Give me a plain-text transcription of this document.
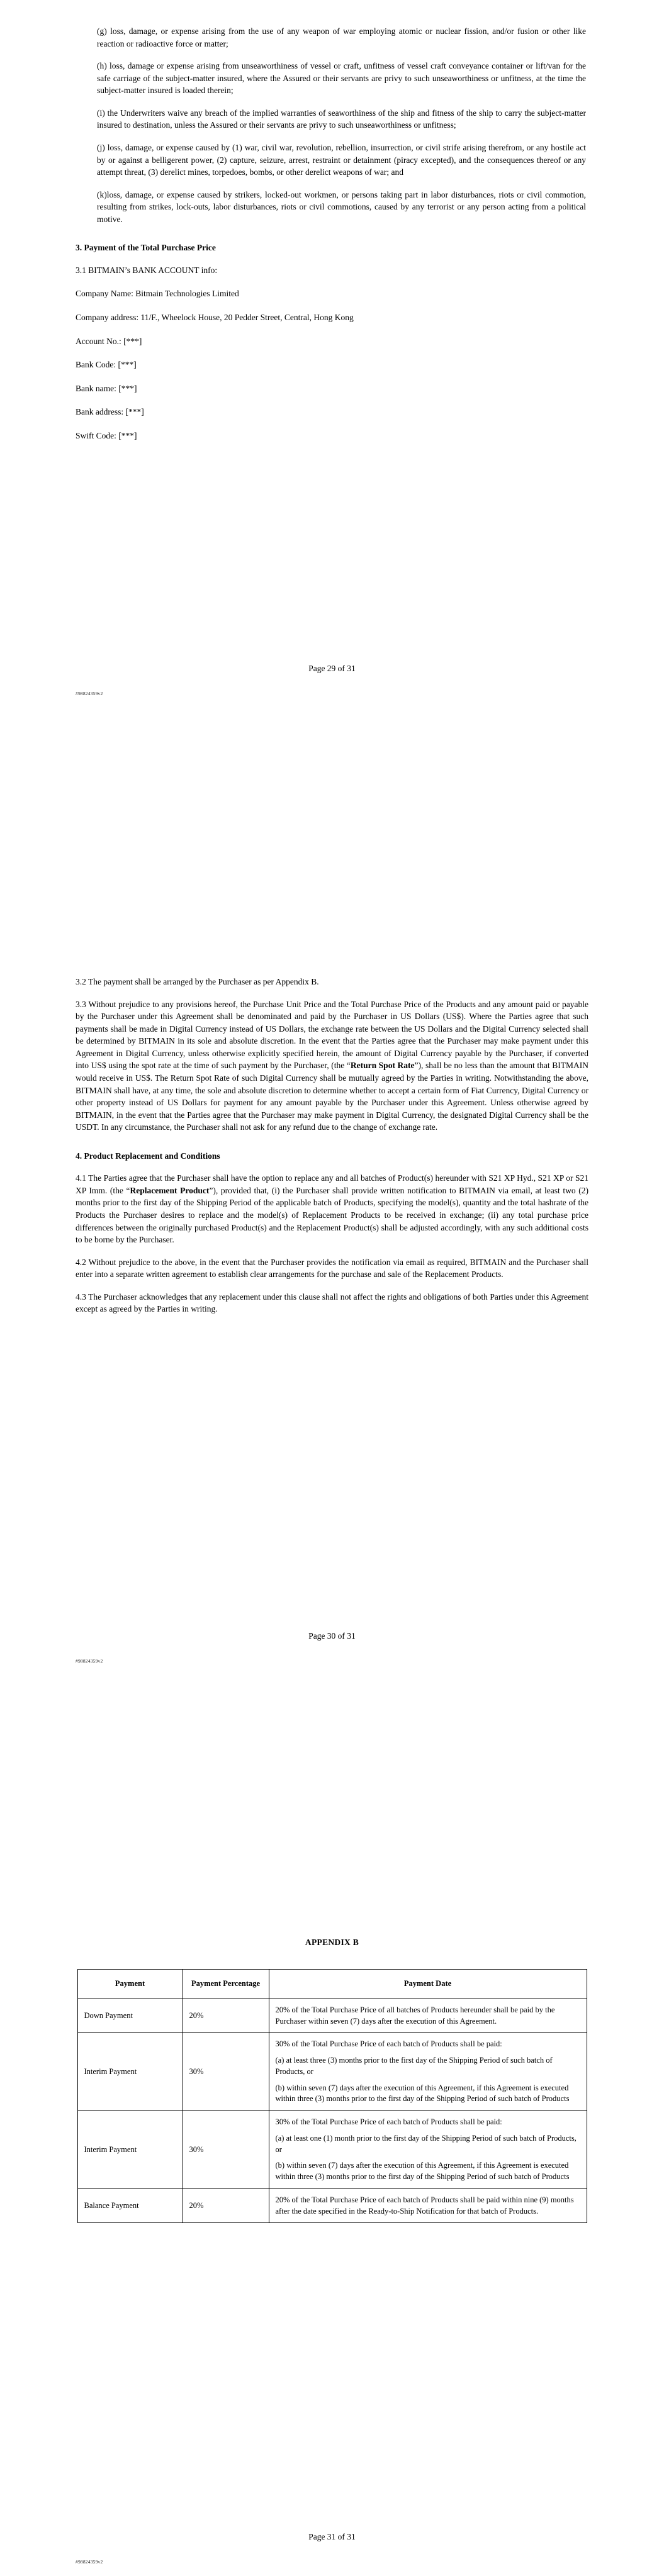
(g) loss, damage, or expense arising from the use of any weapon of war employing atomic or nuclear fission, and/or fusion or other like reaction or radioactive force or matter;

(h) loss, damage or expense arising from unseaworthiness of vessel or craft, unfitness of vessel craft conveyance container or lift/van for the safe carriage of the subject-matter insured, where the Assured or their servants are privy to such unseaworthiness or unfitness, at the time the subject-matter insured is loaded therein;

(i) the Underwriters waive any breach of the implied warranties of seaworthiness of the ship and fitness of the ship to carry the subject-matter insured to destination, unless the Assured or their servants are privy to such unseaworthiness or unfitness;

(j) loss, damage, or expense caused by (1) war, civil war, revolution, rebellion, insurrection, or civil strife arising therefrom, or any hostile act by or against a belligerent power, (2) capture, seizure, arrest, restraint or detainment (piracy excepted), and the consequences thereof or any attempt threat, (3) derelict mines, torpedoes, bombs, or other derelict weapons of war; and

(k)loss, damage, or expense caused by strikers, locked-out workmen, or persons taking part in labor disturbances, riots or civil commotion, resulting from strikes, lock-outs, labor disturbances, riots or civil commotions, caused by any terrorist or any person acting from a political motive.

3. Payment of the Total Purchase Price

3.1 BITMAIN’s BANK ACCOUNT info:

Company Name: Bitmain Technologies Limited

Company address: 11/F., Wheelock House, 20 Pedder Street, Central, Hong Kong

Account No.: [***]

Bank Code: [***]

Bank name: [***]

Bank address: [***]

Swift Code: [***]

Page 29 of 31
#98824359v2

3.2 The payment shall be arranged by the Purchaser as per Appendix B.

3.3 Without prejudice to any provisions hereof, the Purchase Unit Price and the Total Purchase Price of the Products and any amount paid or payable by the Purchaser under this Agreement shall be denominated and paid by the Purchaser in US Dollars (US$). Where the Parties agree that such payments shall be made in Digital Currency instead of US Dollars, the exchange rate between the US Dollars and the Digital Currency selected shall be determined by BITMAIN in its sole and absolute discretion. In the event that the Parties agree that the Purchaser may make payment under this Agreement in Digital Currency, unless otherwise explicitly specified herein, the amount of Digital Currency payable by the Purchaser, if converted into US$ using the spot rate at the time of such payment by the Purchaser, (the “Return Spot Rate”), shall be no less than the amount that BITMAIN would receive in US$. The Return Spot Rate of such Digital Currency shall be mutually agreed by the Parties in writing. Notwithstanding the above, BITMAIN shall have, at any time, the sole and absolute discretion to determine whether to accept a certain form of Fiat Currency, Digital Currency or other property instead of US Dollars for payment for any amount payable by the Purchaser under this Agreement. Unless otherwise agreed by BITMAIN, in the event that the Parties agree that the Purchaser may make payment in Digital Currency, the designated Digital Currency shall be the USDT. In any circumstance, the Purchaser shall not ask for any refund due to the change of exchange rate.

4. Product Replacement and Conditions

4.1 The Parties agree that the Purchaser shall have the option to replace any and all batches of Product(s) hereunder with S21 XP Hyd., S21 XP or S21 XP Imm. (the “Replacement Product”), provided that, (i) the Purchaser shall provide written notification to BITMAIN via email, at least two (2) months prior to the first day of the Shipping Period of the applicable batch of Products, specifying the model(s), quantity and the total hashrate of the Products the Purchaser desires to replace and the model(s) of Replacement Products to be received in exchange; (ii) any total purchase price differences between the originally purchased Product(s) and the Replacement Product(s) shall be adjusted accordingly, with any such additional costs to be borne by the Purchaser.

4.2 Without prejudice to the above, in the event that the Purchaser provides the notification via email as required, BITMAIN and the Purchaser shall enter into a separate written agreement to establish clear arrangements for the purchase and sale of the Replacement Products.

4.3 The Purchaser acknowledges that any replacement under this clause shall not affect the rights and obligations of both Parties under this Agreement except as agreed by the Parties in writing.

Page 30 of 31
#98824359v2

APPENDIX B

Payment	Payment Percentage	Payment Date
Down Payment	20%	20% of the Total Purchase Price of all batches of Products hereunder shall be paid by the Purchaser within seven (7) days after the execution of this Agreement.

Interim Payment	30%	30% of the Total Purchase Price of each batch of Products shall be paid:
(a) at least three (3) months prior to the first day of the Shipping Period of such batch of Products, or
(b) within seven (7) days after the execution of this Agreement, if this Agreement is executed within three (3) months prior to the first day of the Shipping Period of such batch of Products

Interim Payment	30%	30% of the Total Purchase Price of each batch of Products shall be paid:
(a) at least one (1) month prior to the first day of the Shipping Period of such batch of Products, or
(b) within seven (7) days after the execution of this Agreement, if this Agreement is executed within three (3) months prior to the first day of the Shipping Period of such batch of Products

Balance Payment	20%	20% of the Total Purchase Price of each batch of Products shall be paid within nine (9) months after the date specified in the Ready-to-Ship Notification for that batch of Products.
Page 31 of 31
#98824359v2
